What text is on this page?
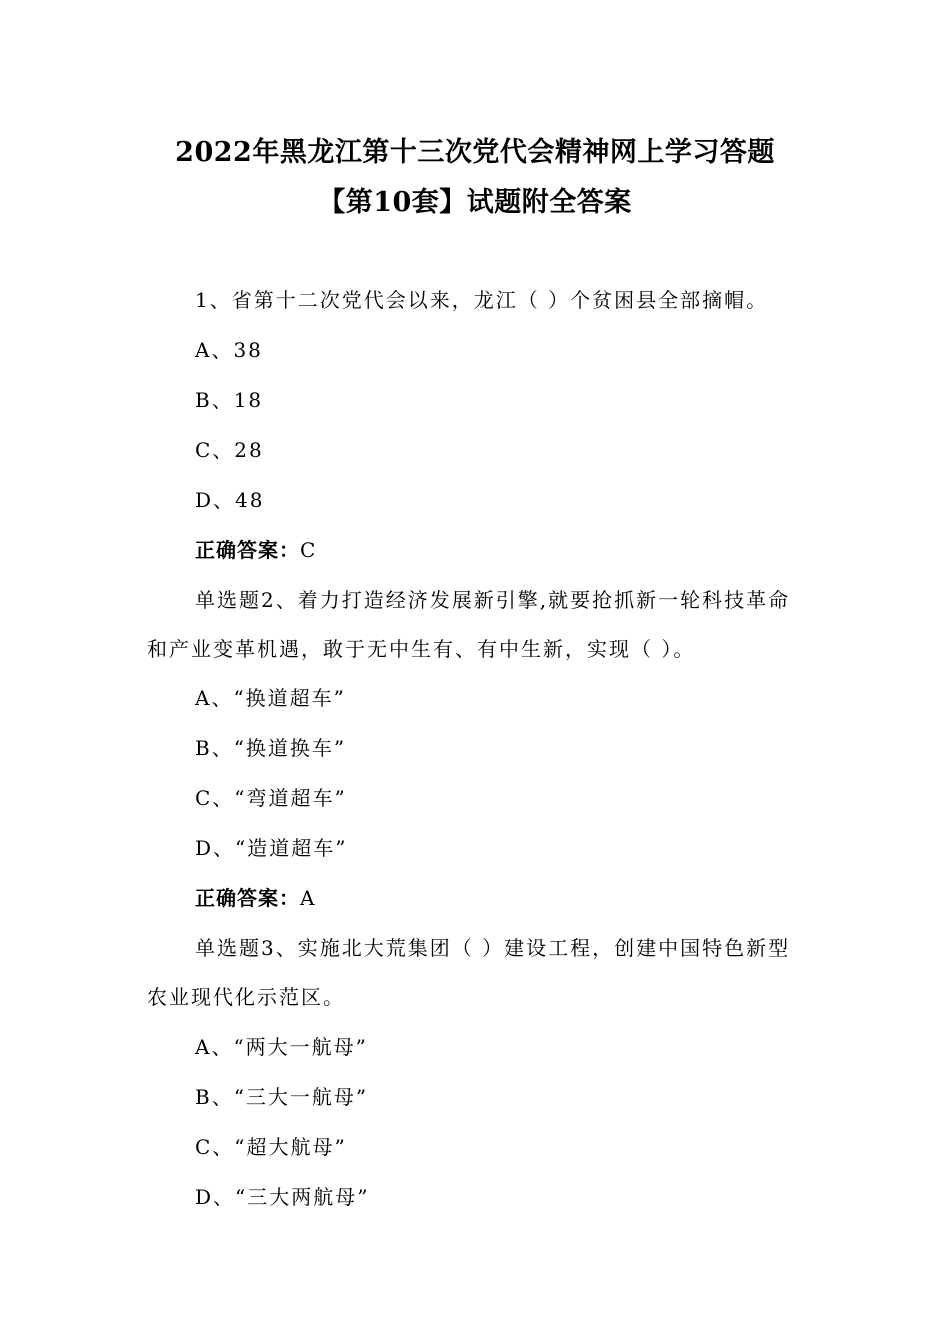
2022年黑龙江第十三次党代会精神网上学习答题
【第10套】试题附全答案
1、省第十二次党代会以来，龙江（ ）个贫困县全部摘帽。
A、38
B、18
C、28
D、48
正确答案：C
单选题2、着力打造经济发展新引擎,就要抢抓新一轮科技革命
和产业变革机遇，敢于无中生有、有中生新，实现（ ）。
A、“换道超车”
B、“换道换车”
C、“弯道超车”
D、“造道超车”
正确答案：A
单选题3、实施北大荒集团（ ）建设工程，创建中国特色新型
农业现代化示范区。
A、“两大一航母”
B、“三大一航母”
C、“超大航母”
D、“三大两航母”
